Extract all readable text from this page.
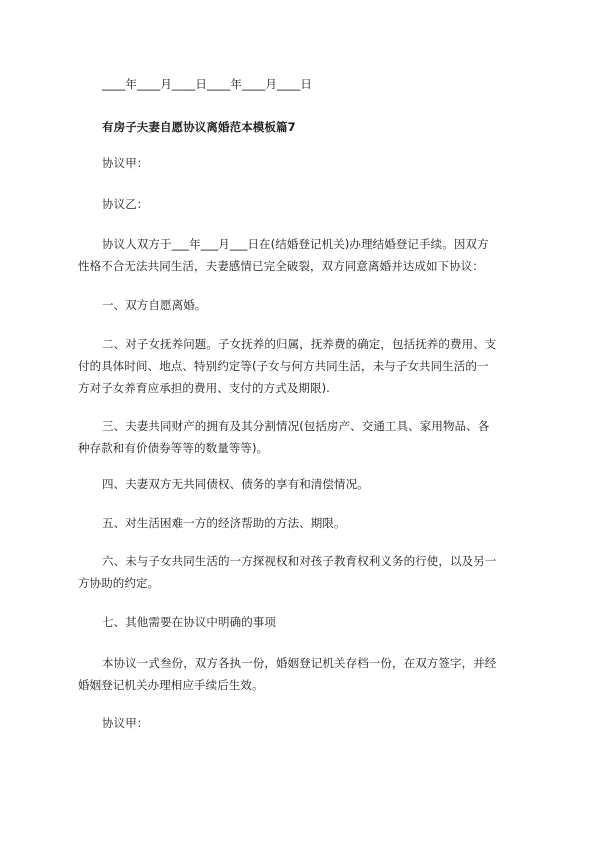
____年____月____日____年____月____日
有房子夫妻自愿协议离婚范本模板篇7
协议甲：
协议乙：
协议人双方于___年___月___日在(结婚登记机关)办理结婚登记手续。因双方性格不合无法共同生活，夫妻感情已完全破裂，双方同意离婚并达成如下协议：
一、双方自愿离婚。
二、对子女抚养问题。子女抚养的归属，抚养费的确定，包括抚养的费用、支付的具体时间、地点、特别约定等(子女与何方共同生活，未与子女共同生活的一方对子女养育应承担的费用、支付的方式及期限).
三、夫妻共同财产的拥有及其分割情况(包括房产、交通工具、家用物品、各种存款和有价债券等等的数量等等)。
四、夫妻双方无共同债权、债务的享有和清偿情况。
五、对生活困难一方的经济帮助的方法、期限。
六、未与子女共同生活的一方探视权和对孩子教育权利义务的行使，以及另一方协助的约定。
七、其他需要在协议中明确的事项
本协议一式叁份，双方各执一份，婚姻登记机关存档一份，在双方签字，并经婚姻登记机关办理相应手续后生效。
协议甲：
